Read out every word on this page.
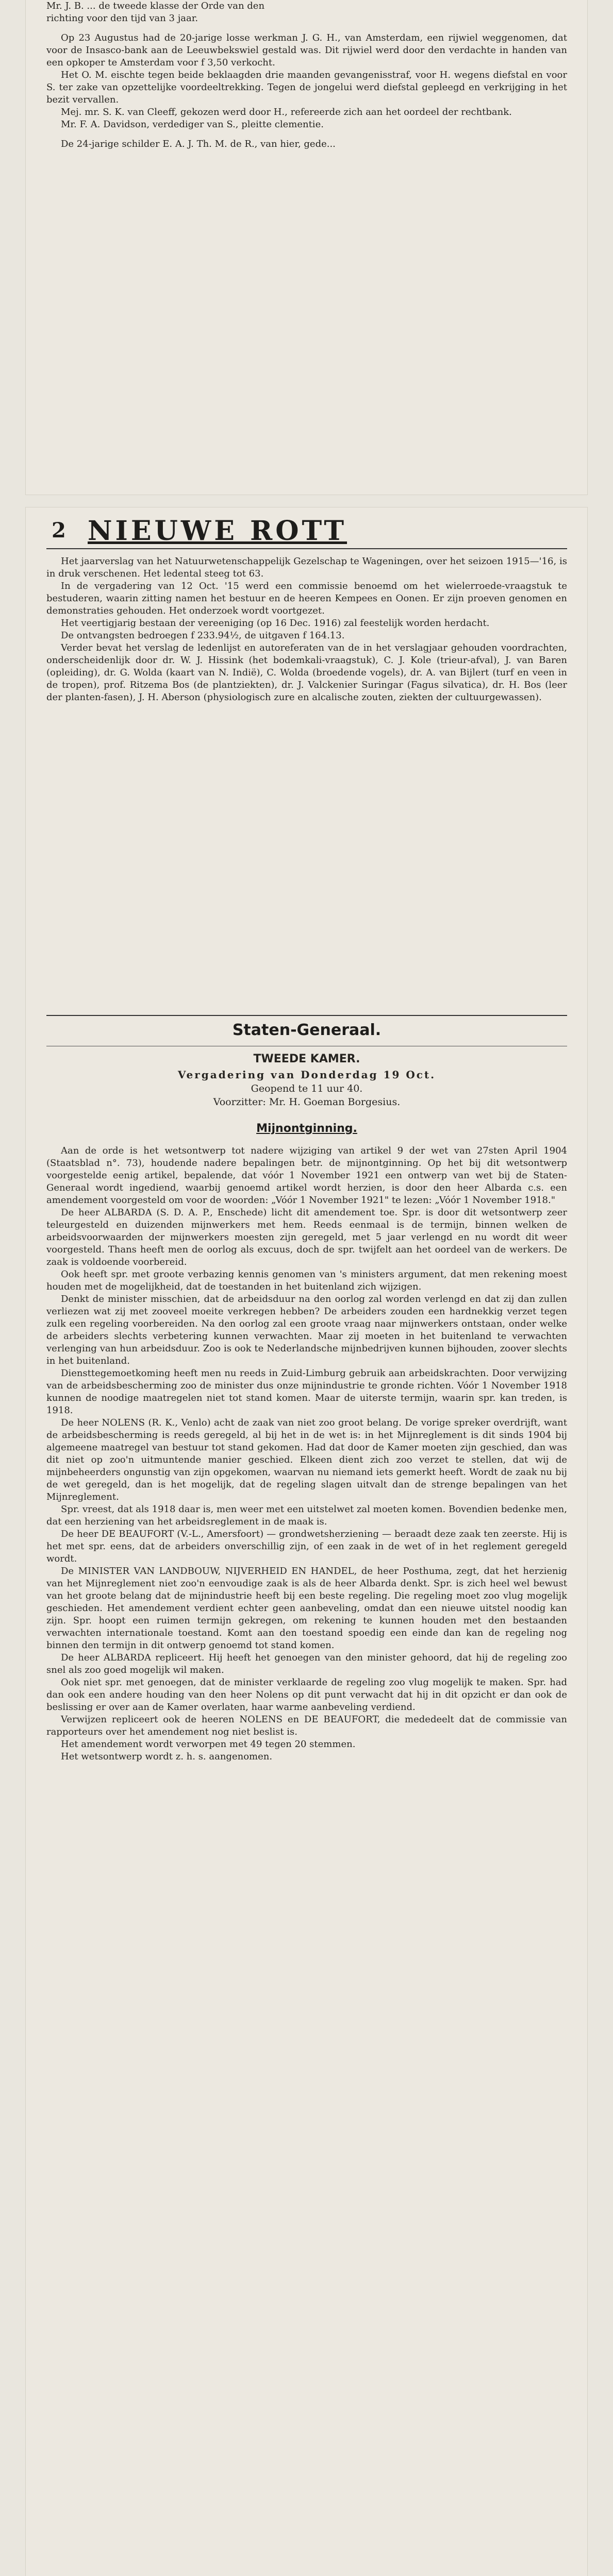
Mr. J. B. ... de tweede klasse der Orde van den

richting voor den tijd van 3 jaar.

Op 23 Augustus had de 20-jarige losse werkman J. G. H., van Amsterdam, een rijwiel weggenomen, dat voor de Insasco-bank aan de Leeuwbekswiel gestald was. Dit rijwiel werd door den verdachte in handen van een opkoper te Amsterdam voor f 3,50 verkocht.

Het O. M. eischte tegen beide beklaagden drie maanden gevangenisstraf, voor H. wegens diefstal en voor S. ter zake van opzettelijke voordeeltrekking. Tegen de jongelui werd diefstal gepleegd en verkrijging in het bezit vervallen.

Mej. mr. S. K. van Cleeff, gekozen werd door H., refereerde zich aan het oordeel der rechtbank.

Mr. F. A. Davidson, verdediger van S., pleitte clementie.

De 24-jarige schilder E. A. J. Th. M. de R., van hier, gede...

2 NIEUWE ROTT

Het jaarverslag van het Natuurwetenschappelijk Gezelschap te Wageningen, over het seizoen 1915—'16, is in druk verschenen. Het ledental steeg tot 63.

In de vergadering van 12 Oct. '15 werd een commissie benoemd om het wielerroede-vraagstuk te bestuderen, waarin zitting namen het bestuur en de heeren Kempees en Oonen. Er zijn proeven genomen en demonstraties gehouden. Het onderzoek wordt voortgezet.

Het veertigjarig bestaan der vereeniging (op 16 Dec. 1916) zal feestelijk worden herdacht.

De ontvangsten bedroegen f 233.94½, de uitgaven f 164.13.

Verder bevat het verslag de ledenlijst en autoreferaten van de in het verslagjaar gehouden voordrachten, onderscheidenlijk door dr. W. J. Hissink (het bodemkali-vraagstuk), C. J. Kole (trieur-afval), J. van Baren (opleiding), dr. G. Wolda (kaart van N. Indië), C. Wolda (broedende vogels), dr. A. van Bijlert (turf en veen in de tropen), prof. Ritzema Bos (de plantziekten), dr. J. Valckenier Suringar (Fagus silvatica), dr. H. Bos (leer der planten-fasen), J. H. Aberson (physiologisch zure en alcalische zouten, ziekten der cultuurgewassen).

Staten-Generaal.

TWEEDE KAMER.

Vergadering van Donderdag 19 Oct.

Geopend te 11 uur 40.

Voorzitter: Mr. H. Goeman Borgesius.

Mijnontginning.

Aan de orde is het wetsontwerp tot nadere wijziging van artikel 9 der wet van 27sten April 1904 (Staatsblad n°. 73), houdende nadere bepalingen betr. de mijnontginning. Op het bij dit wetsontwerp voorgestelde eenig artikel, bepalende, dat vóór 1 November 1921 een ontwerp van wet bij de Staten-Generaal wordt ingediend, waarbij genoemd artikel wordt herzien, is door den heer Albarda c.s. een amendement voorgesteld om voor de woorden: „Vóór 1 November 1921" te lezen: „Vóór 1 November 1918."

De heer ALBARDA (S. D. A. P., Enschede) licht dit amendement toe. Spr. is door dit wetsontwerp zeer teleurgesteld en duizenden mijnwerkers met hem. Reeds eenmaal is de termijn, binnen welken de arbeidsvoorwaarden der mijnwerkers moesten zijn geregeld, met 5 jaar verlengd en nu wordt dit weer voorgesteld. Thans heeft men de oorlog als excuus, doch de spr. twijfelt aan het oordeel van de werkers. De zaak is voldoende voorbereid.

Ook heeft spr. met groote verbazing kennis genomen van 's ministers argument, dat men rekening moest houden met de mogelijkheid, dat de toestanden in het buitenland zich wijzigen.

Denkt de minister misschien, dat de arbeidsduur na den oorlog zal worden verlengd en dat zij dan zullen verliezen wat zij met zooveel moeite verkregen hebben? De arbeiders zouden een hardnekkig verzet tegen zulk een regeling voorbereiden. Na den oorlog zal een groote vraag naar mijnwerkers ontstaan, onder welke de arbeiders slechts verbetering kunnen verwachten. Maar zij moeten in het buitenland te verwachten verlenging van hun arbeidsduur. Zoo is ook te Nederlandsche mijnbedrijven kunnen bijhouden, zoover slechts in het buitenland.

Diensttegemoetkoming heeft men nu reeds in Zuid-Limburg gebruik aan arbeidskrachten. Door verwijzing van de arbeidsbescherming zoo de minister dus onze mijnindustrie te gronde richten. Vóór 1 November 1918 kunnen de noodige maatregelen niet tot stand komen. Maar de uiterste termijn, waarin spr. kan treden, is 1918.

De heer NOLENS (R. K., Venlo) acht de zaak van niet zoo groot belang. De vorige spreker overdrijft, want de arbeidsbescherming is reeds geregeld, al bij het in de wet is: in het Mijnreglement is dit sinds 1904 bij algemeene maatregel van bestuur tot stand gekomen. Had dat door de Kamer moeten zijn geschied, dan was dit niet op zoo'n uitmuntende manier geschied. Elkeen dient zich zoo verzet te stellen, dat wij de mijnbeheerders ongunstig van zijn opgekomen, waarvan nu niemand iets gemerkt heeft. Wordt de zaak nu bij de wet geregeld, dan is het mogelijk, dat de regeling slagen uitvalt dan de strenge bepalingen van het Mijnreglement.

Spr. vreest, dat als 1918 daar is, men weer met een uitstelwet zal moeten komen. Bovendien bedenke men, dat een herziening van het arbeidsreglement in de maak is.

De heer DE BEAUFORT (V.-L., Amersfoort) — grondwetsherziening — beraadt deze zaak ten zeerste. Hij is het met spr. eens, dat de arbeiders onverschillig zijn, of een zaak in de wet of in het reglement geregeld wordt.

De MINISTER VAN LANDBOUW, NIJVERHEID EN HANDEL, de heer Posthuma, zegt, dat het herzienig van het Mijnreglement niet zoo'n eenvoudige zaak is als de heer Albarda denkt. Spr. is zich heel wel bewust van het groote belang dat de mijnindustrie heeft bij een beste regeling. Die regeling moet zoo vlug mogelijk geschieden. Het amendement verdient echter geen aanbeveling, omdat dan een nieuwe uitstel noodig kan zijn. Spr. hoopt een ruimen termijn gekregen, om rekening te kunnen houden met den bestaanden verwachten internationale toestand. Komt aan den toestand spoedig een einde dan kan de regeling nog binnen den termijn in dit ontwerp genoemd tot stand komen.

De heer ALBARDA repliceert. Hij heeft het genoegen van den minister gehoord, dat hij de regeling zoo snel als zoo goed mogelijk wil maken.

Ook niet spr. met genoegen, dat de minister verklaarde de regeling zoo vlug mogelijk te maken. Spr. had dan ook een andere houding van den heer Nolens op dit punt verwacht dat hij in dit opzicht er dan ook de beslissing er over aan de Kamer overlaten, haar warme aanbeveling verdiend.

Verwijzen repliceert ook de heeren NOLENS en DE BEAUFORT, die mededeelt dat de commissie van rapporteurs over het amendement nog niet beslist is.

Het amendement wordt verworpen met 49 tegen 20 stemmen.

Het wetsontwerp wordt z. h. s. aangenomen.
